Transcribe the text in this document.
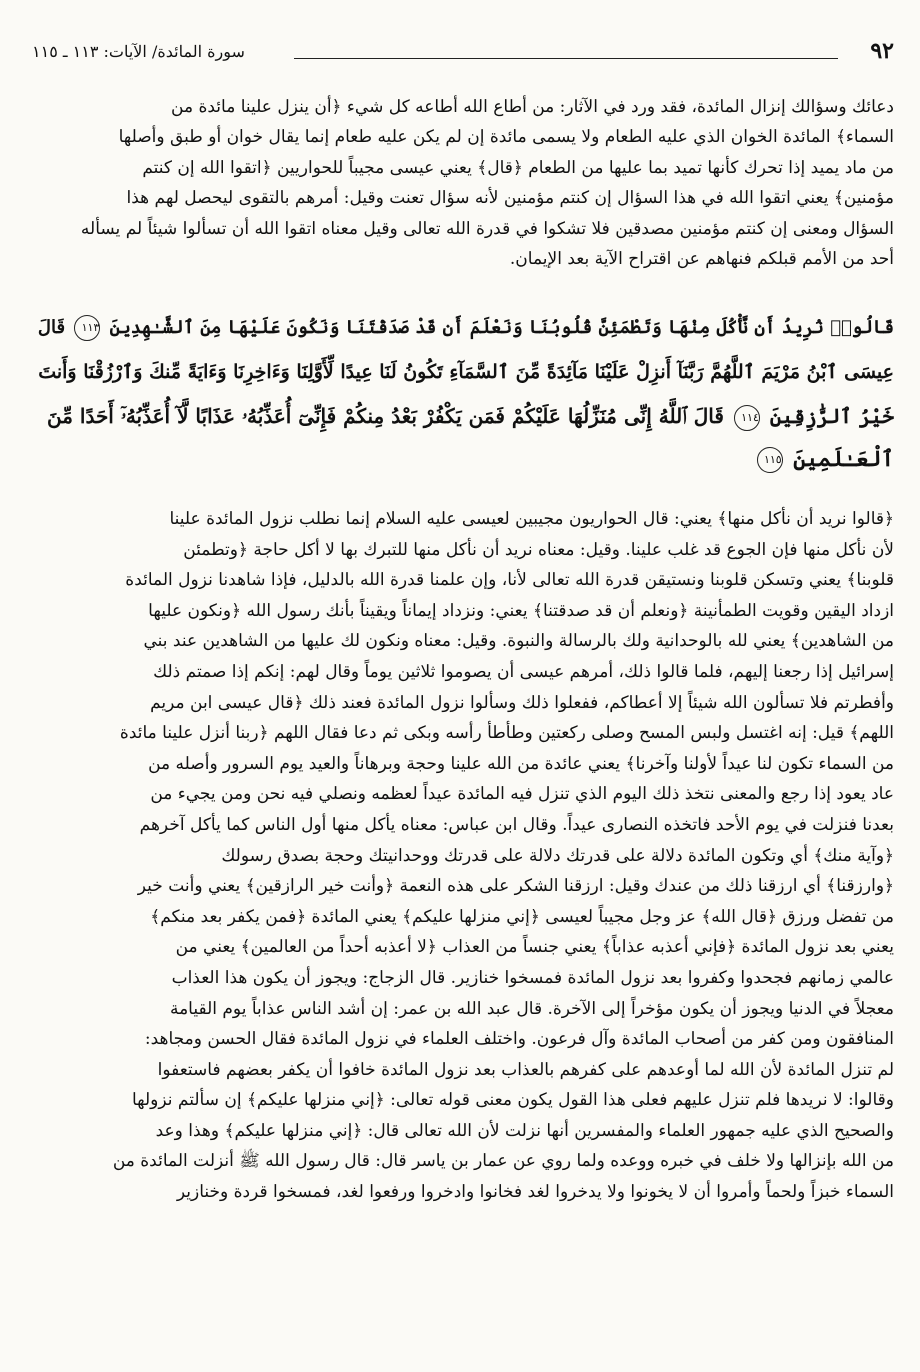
٩٢
سورة المائدة/ الآيات: ١١٣ ـ ١١٥
دعائك وسؤالك إنزال المائدة، فقد ورد في الآثار: من أطاع الله أطاعه كل شيء ﴿أن ينزل علينا مائدة من
السماء﴾ المائدة الخوان الذي عليه الطعام ولا يسمى مائدة إن لم يكن عليه طعام إنما يقال خوان أو طبق وأصلها
من ماد يميد إذا تحرك كأنها تميد بما عليها من الطعام ﴿قال﴾ يعني عيسى مجيباً للحواريين ﴿اتقوا الله إن كنتم
مؤمنين﴾ يعني اتقوا الله في هذا السؤال إن كنتم مؤمنين لأنه سؤال تعنت وقيل: أمرهم بالتقوى ليحصل لهم هذا
السؤال ومعنى إن كنتم مؤمنين مصدقين فلا تشكوا في قدرة الله تعالى وقيل معناه اتقوا الله أن تسألوا شيئاً لم يسأله
أحد من الأمم قبلكم فنهاهم عن اقتراح الآية بعد الإيمان.
قَالُوا۟ نُرِيدُ أَن نَّأْكُلَ مِنْهَا وَتَطْمَئِنَّ قُلُوبُنَا وَنَعْلَمَ أَن قَدْ صَدَقْتَنَا وَنَكُونَ عَلَيْهَا مِنَ ٱلشَّـٰهِدِينَ ١١٣ قَالَ
عِيسَى ٱبْنُ مَرْيَمَ ٱللَّهُمَّ رَبَّنَآ أَنزِلْ عَلَيْنَا مَآئِدَةً مِّنَ ٱلسَّمَآءِ تَكُونُ لَنَا عِيدًا لِّأَوَّلِنَا وَءَاخِرِنَا وَءَايَةً مِّنكَ وَٱرْزُقْنَا وَأَنتَ
خَيْرُ ٱلرَّٰزِقِينَ ١١٤ قَالَ ٱللَّهُ إِنِّى مُنَزِّلُهَا عَلَيْكُمْ فَمَن يَكْفُرْ بَعْدُ مِنكُمْ فَإِنِّىٓ أُعَذِّبُهُۥ عَذَابًا لَّآ أُعَذِّبُهُۥٓ أَحَدًا مِّنَ
ٱلْعَـٰلَمِينَ ١١٥
﴿قالوا نريد أن نأكل منها﴾ يعني: قال الحواريون مجيبين لعيسى عليه السلام إنما نطلب نزول المائدة علينا
لأن نأكل منها فإن الجوع قد غلب علينا. وقيل: معناه نريد أن نأكل منها للتبرك بها لا أكل حاجة ﴿وتطمئن
قلوبنا﴾ يعني وتسكن قلوبنا ونستيقن قدرة الله تعالى لأنا، وإن علمنا قدرة الله بالدليل، فإذا شاهدنا نزول المائدة
ازداد اليقين وقويت الطمأنينة ﴿ونعلم أن قد صدقتنا﴾ يعني: ونزداد إيماناً ويقيناً بأنك رسول الله ﴿ونكون عليها
من الشاهدين﴾ يعني لله بالوحدانية ولك بالرسالة والنبوة. وقيل: معناه ونكون لك عليها من الشاهدين عند بني
إسرائيل إذا رجعنا إليهم، فلما قالوا ذلك، أمرهم عيسى أن يصوموا ثلاثين يوماً وقال لهم: إنكم إذا صمتم ذلك
وأفطرتم فلا تسألون الله شيئاً إلا أعطاكم، ففعلوا ذلك وسألوا نزول المائدة فعند ذلك ﴿قال عيسى ابن مريم
اللهم﴾ قيل: إنه اغتسل ولبس المسح وصلى ركعتين وطأطأ رأسه وبكى ثم دعا فقال اللهم ﴿ربنا أنزل علينا مائدة
من السماء تكون لنا عيداً لأولنا وآخرنا﴾ يعني عائدة من الله علينا وحجة وبرهاناً والعيد يوم السرور وأصله من
عاد يعود إذا رجع والمعنى نتخذ ذلك اليوم الذي تنزل فيه المائدة عيداً لعظمه ونصلي فيه نحن ومن يجيء من
بعدنا فنزلت في يوم الأحد فاتخذه النصارى عيداً. وقال ابن عباس: معناه يأكل منها أول الناس كما يأكل آخرهم
﴿وآية منك﴾ أي وتكون المائدة دلالة على قدرتك دلالة على قدرتك ووحدانيتك وحجة بصدق رسولك
﴿وارزقنا﴾ أي ارزقنا ذلك من عندك وقيل: ارزقنا الشكر على هذه النعمة ﴿وأنت خير الرازقين﴾ يعني وأنت خير
من تفضل ورزق ﴿قال الله﴾ عز وجل مجيباً لعيسى ﴿إني منزلها عليكم﴾ يعني المائدة ﴿فمن يكفر بعد منكم﴾
يعني بعد نزول المائدة ﴿فإني أعذبه عذاباً﴾ يعني جنساً من العذاب ﴿لا أعذبه أحداً من العالمين﴾ يعني من
عالمي زمانهم فجحدوا وكفروا بعد نزول المائدة فمسخوا خنازير. قال الزجاج: ويجوز أن يكون هذا العذاب
معجلاً في الدنيا ويجوز أن يكون مؤخراً إلى الآخرة. قال عبد الله بن عمر: إن أشد الناس عذاباً يوم القيامة
المنافقون ومن كفر من أصحاب المائدة وآل فرعون. واختلف العلماء في نزول المائدة فقال الحسن ومجاهد:
لم تنزل المائدة لأن الله لما أوعدهم على كفرهم بالعذاب بعد نزول المائدة خافوا أن يكفر بعضهم فاستعفوا
وقالوا: لا نريدها فلم تنزل عليهم فعلى هذا القول يكون معنى قوله تعالى: ﴿إني منزلها عليكم﴾ إن سألتم نزولها
والصحيح الذي عليه جمهور العلماء والمفسرين أنها نزلت لأن الله تعالى قال: ﴿إني منزلها عليكم﴾ وهذا وعد
من الله بإنزالها ولا خلف في خبره ووعده ولما روي عن عمار بن ياسر قال: قال رسول الله ﷺ أنزلت المائدة من
السماء خبزاً ولحماً وأمروا أن لا يخونوا ولا يدخروا لغد فخانوا وادخروا ورفعوا لغد، فمسخوا قردة وخنازير
